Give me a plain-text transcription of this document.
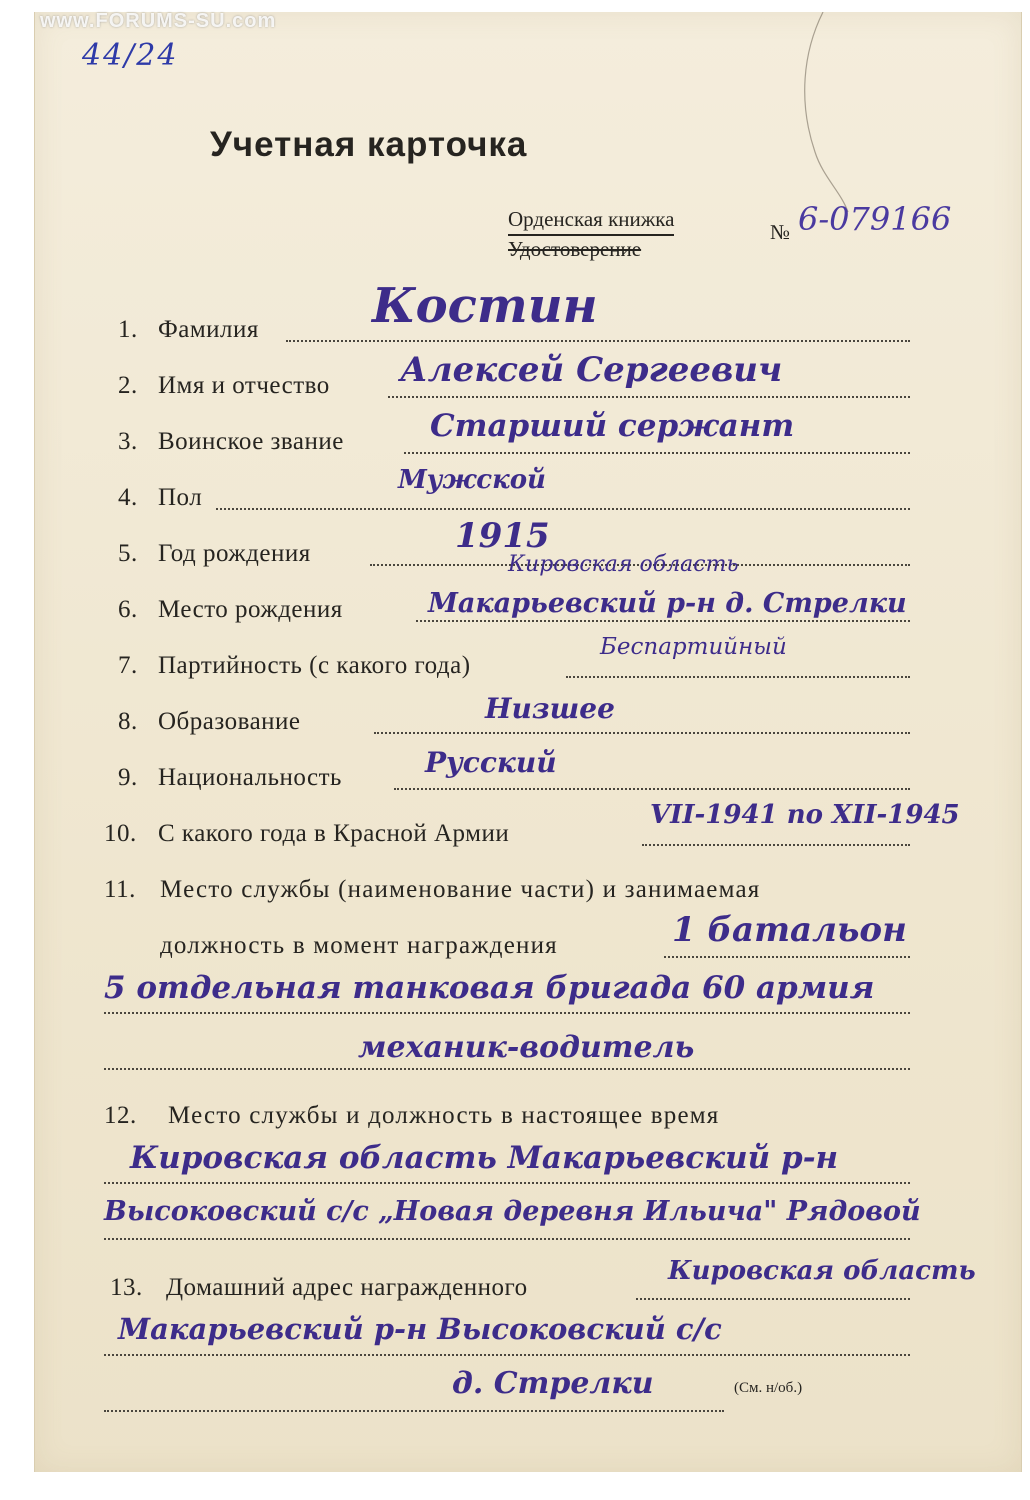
www.FORUMS-SU.com
44/24
Учетная карточка
Орденская книжка
Удостоверение
№ 6-079166
1. Фамилия Костин
2. Имя и отчество Алексей Сергеевич
3. Воинское звание	Старший сержант
4. Пол
Мужской
5. Год рождения	1915
6. Место рождения
Кировская область
Макарьевский р-н д. Стрелки
7. Партийность (с какого года)
Беспартийный
8. Образование	Низшее
9. Национальность	Русский
10. С какого года в Красной Армии
VII-1941 по XII-1945
11. Место службы (наименование части) и занимаемая
должность в момент награждения	1 батальон
5 отдельная танковая бригада 60 армия
механик-водитель
12. Место службы и должность в настоящее время
Кировская область Макарьевский р-н
Высоковский с/с „Новая деревня Ильича" Рядовой
13. Домашний адрес награжденного
Кировская область
Макарьевский р-н Высоковский с/с
д. Стрелки	(См. н/об.)
